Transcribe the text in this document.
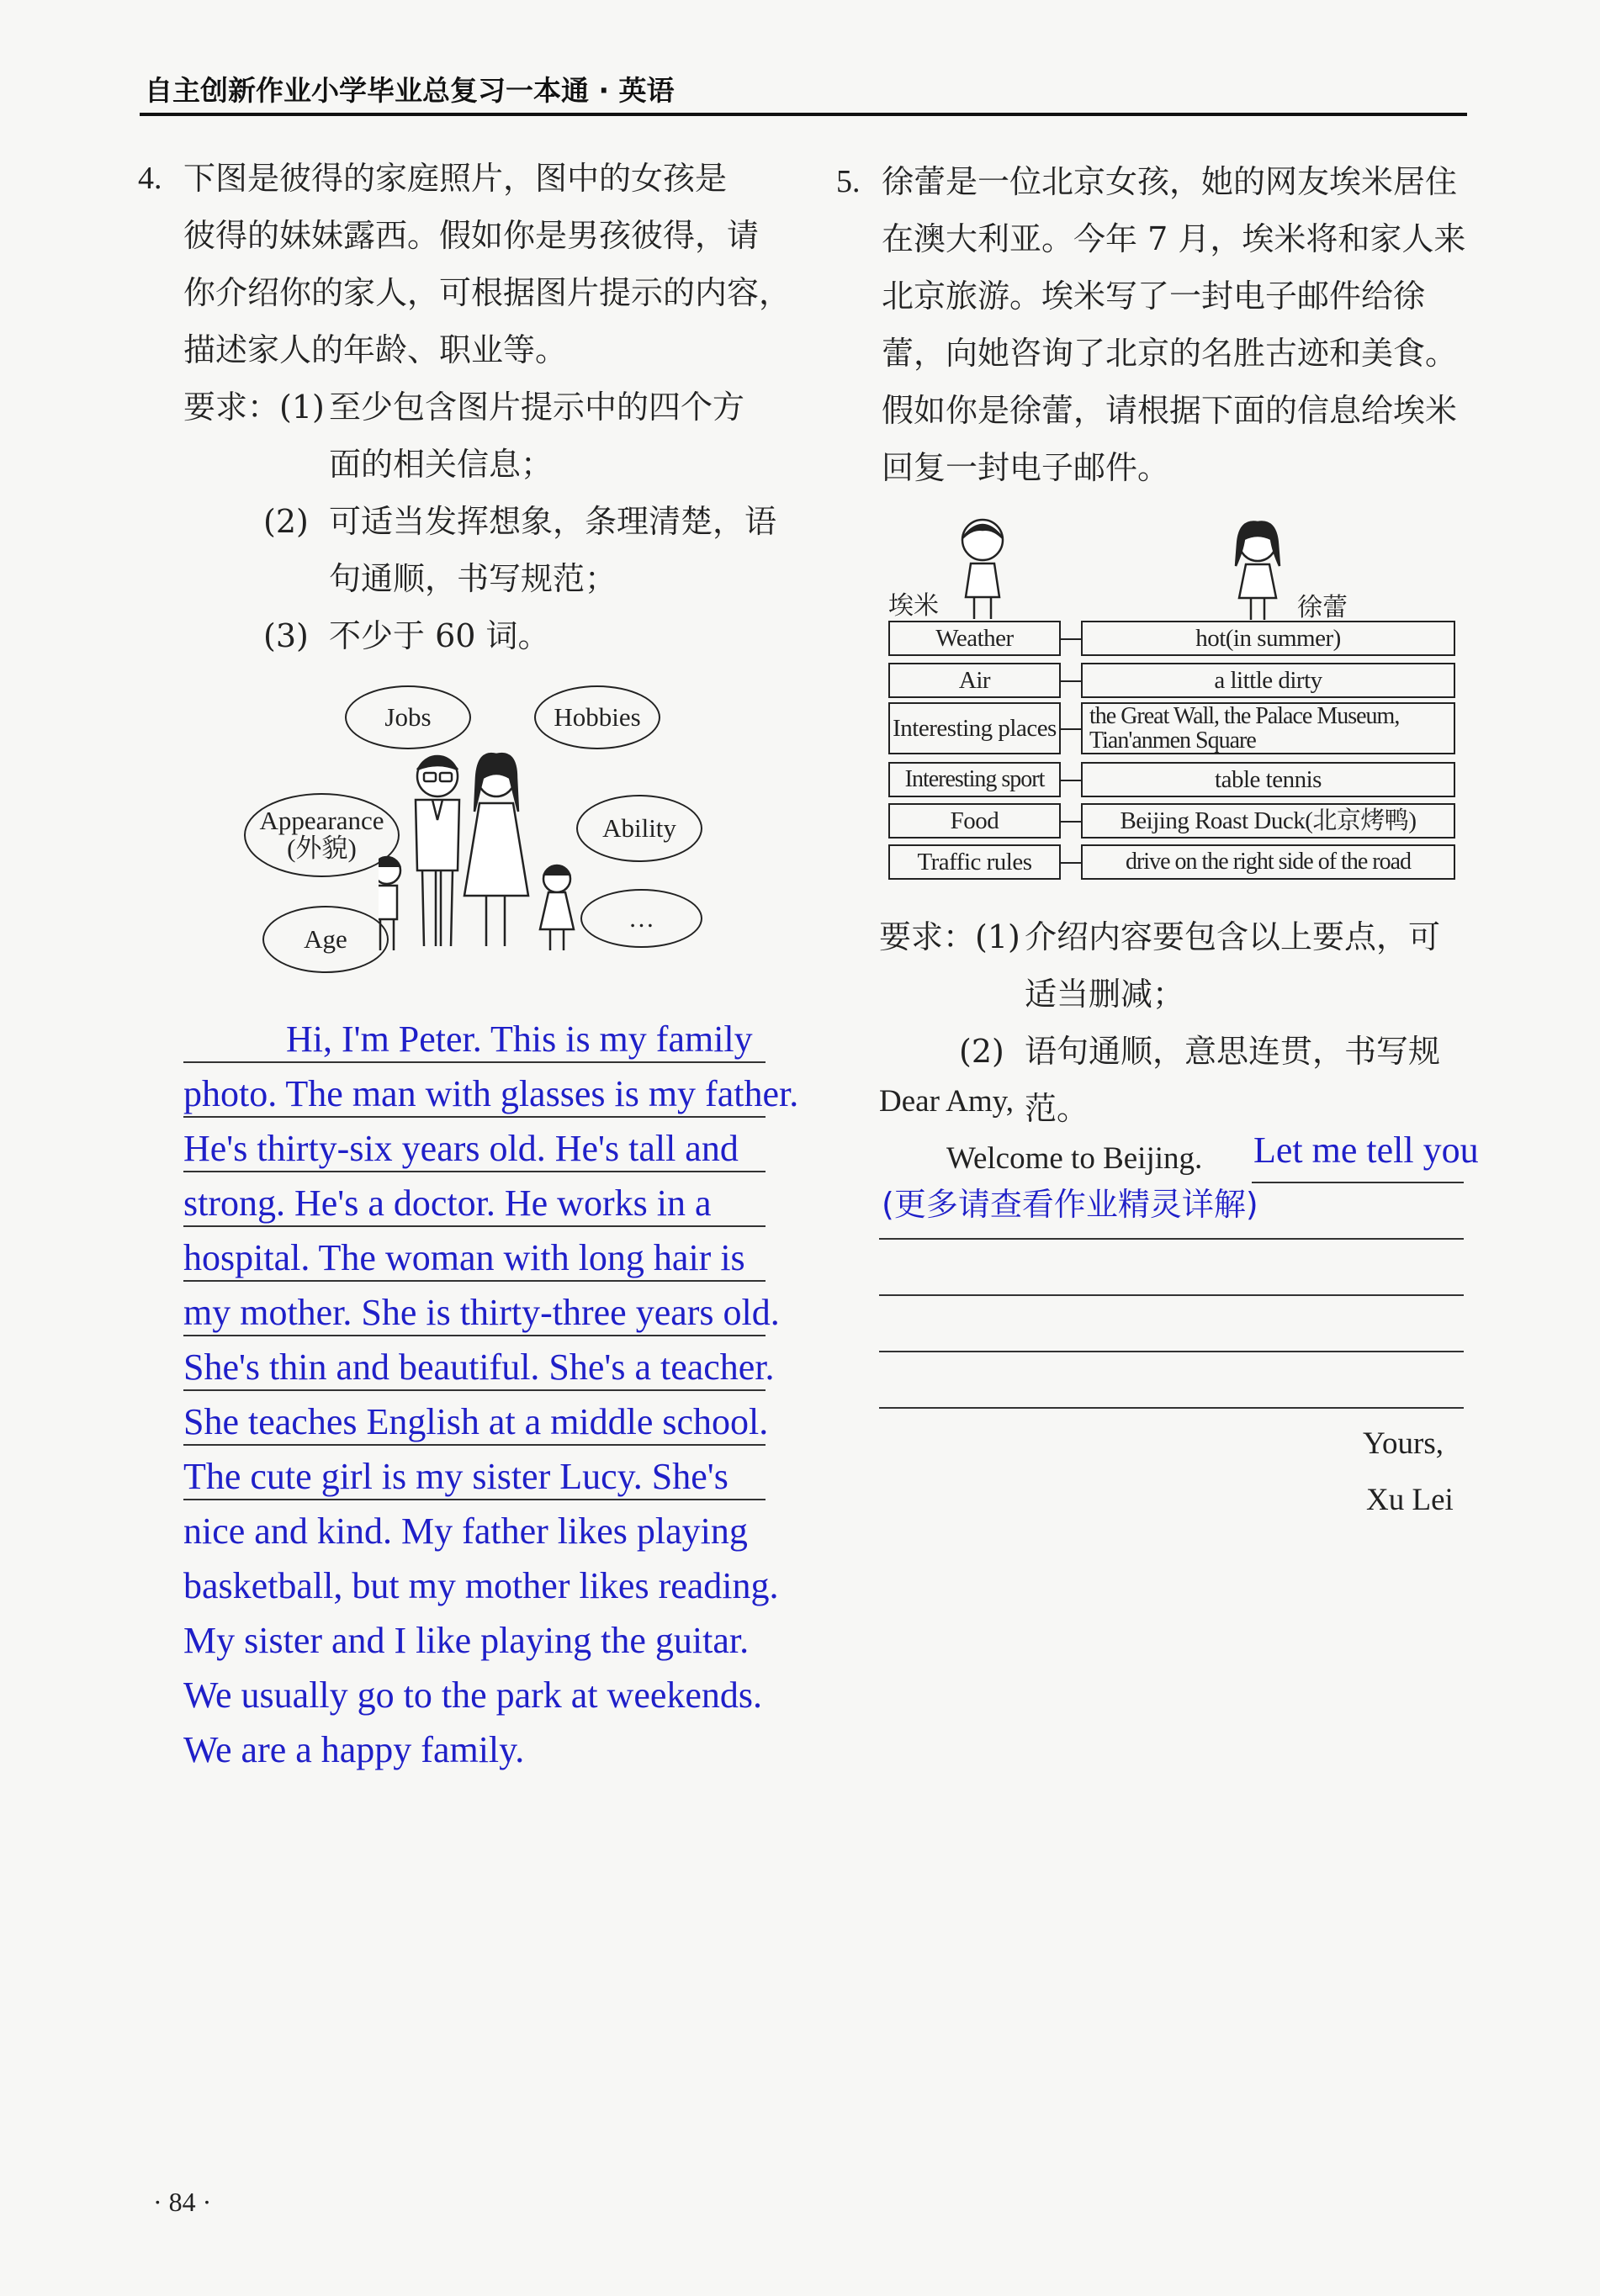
自主创新作业小学毕业总复习一本通 · 英语
4. 下图是彼得的家庭照片，图中的女孩是
彼得的妹妹露西。假如你是男孩彼得，请
你介绍你的家人，可根据图片提示的内容，
描述家人的年龄、职业等。
要求：(1) 至少包含图片提示中的四个方
面的相关信息；
(2) 可适当发挥想象，条理清楚，语
句通顺，书写规范；
(3) 不少于 60 词。
Jobs	Hobbies
Appearance
(外貌)
Ability
Age
…
Hi, I'm Peter. This is my family
photo. The man with glasses is my father.
He's thirty-six years old. He's tall and
strong. He's a doctor. He works in a
hospital. The woman with long hair is
my mother. She is thirty-three years old.
She's thin and beautiful. She's a teacher.
She teaches English at a middle school.
The cute girl is my sister Lucy. She's
nice and kind. My father likes playing
basketball, but my mother likes reading.
My sister and I like playing the guitar.
We usually go to the park at weekends.
We are a happy family.
5. 徐蕾是一位北京女孩，她的网友埃米居住
在澳大利亚。今年 7 月，埃米将和家人来
北京旅游。埃米写了一封电子邮件给徐
蕾，向她咨询了北京的名胜古迹和美食。
假如你是徐蕾，请根据下面的信息给埃米
回复一封电子邮件。
埃米	徐蕾
Weather	hot(in summer)
Air	a little dirty
Interesting places	the Great Wall, the Palace Museum, Tian'anmen Square
Interesting sport	table tennis
Food	Beijing Roast Duck(北京烤鸭)
Traffic rules	drive on the right side of the road
要求：(1) 介绍内容要包含以上要点，可
适当删减；
(2) 语句通顺，意思连贯，书写规范。
Dear Amy,
Welcome to Beijing. Let me tell you
(更多请查看作业精灵详解)
Yours,
Xu Lei
· 84 ·
